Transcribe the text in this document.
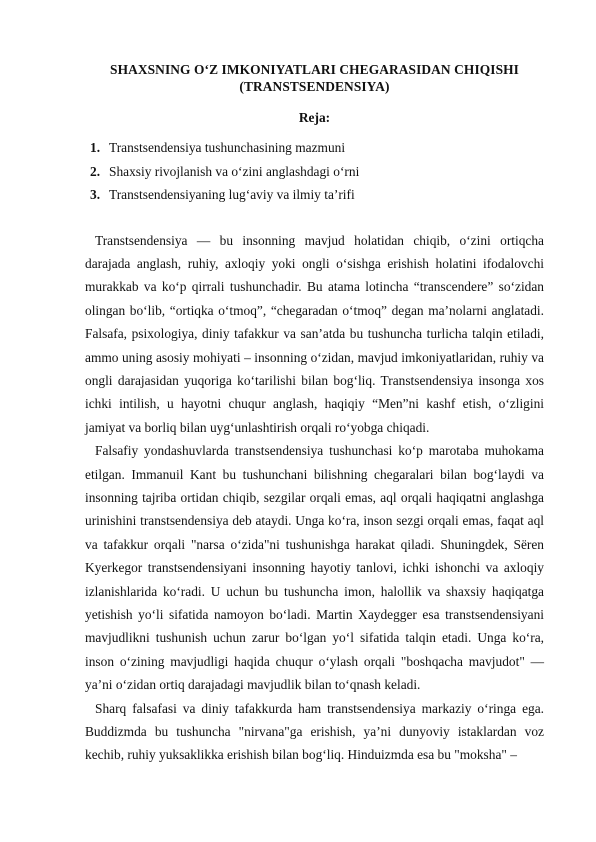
SHAXSNING O‘Z IMKONIYATLARI CHEGARASIDAN CHIQISHI
(TRANSTSENDENSIYA)
Reja:
1. Transtsendensiya tushunchasining mazmuni
2. Shaxsiy rivojlanish va o‘zini anglashdagi o‘rni
3. Transtsendensiyaning lug‘aviy va ilmiy ta’rifi

Transtsendensiya — bu insonning mavjud holatidan chiqib, o‘zini ortiqcha darajada anglash, ruhiy, axloqiy yoki ongli o‘sishga erishish holatini ifodalovchi murakkab va ko‘p qirrali tushunchadir. Bu atama lotincha “transcendere” so‘zidan olingan bo‘lib, “ortiqka o‘tmoq”, “chegaradan o‘tmoq” degan ma’nolarni anglatadi. Falsafa, psixologiya, diniy tafakkur va san’atda bu tushuncha turlicha talqin etiladi, ammo uning asosiy mohiyati – insonning o‘zidan, mavjud imkoniyatlaridan, ruhiy va ongli darajasidan yuqoriga ko‘tarilishi bilan bog‘liq. Transtsendensiya insonga xos ichki intilish, u hayotni chuqur anglash, haqiqiy “Men”ni kashf etish, o‘zligini jamiyat va borliq bilan uyg‘unlashtirish orqali ro‘yobga chiqadi.

Falsafiy yondashuvlarda transtsendensiya tushunchasi ko‘p marotaba muhokama etilgan. Immanuil Kant bu tushunchani bilishning chegaralari bilan bog‘laydi va insonning tajriba ortidan chiqib, sezgilar orqali emas, aql orqali haqiqatni anglashga urinishini transtsendensiya deb ataydi. Unga ko‘ra, inson sezgi orqali emas, faqat aql va tafakkur orqali "narsa o‘zida"ni tushunishga harakat qiladi. Shuningdek, Sёren Kyerkegor transtsendensiyani insonning hayotiy tanlovi, ichki ishonchi va axloqiy izlanishlarida ko‘radi. U uchun bu tushuncha imon, halollik va shaxsiy haqiqatga yetishish yo‘li sifatida namoyon bo‘ladi. Martin Xaydegger esa transtsendensiyani mavjudlikni tushunish uchun zarur bo‘lgan yo‘l sifatida talqin etadi. Unga ko‘ra, inson o‘zining mavjudligi haqida chuqur o‘ylash orqali "boshqacha mavjudot" — ya’ni o‘zidan ortiq darajadagi mavjudlik bilan to‘qnash keladi.

Sharq falsafasi va diniy tafakkurda ham transtsendensiya markaziy o‘ringa ega. Buddizmda bu tushuncha "nirvana"ga erishish, ya’ni dunyoviy istaklardan voz kechib, ruhiy yuksaklikka erishish bilan bog‘liq. Hinduizmda esa bu "moksha" –
